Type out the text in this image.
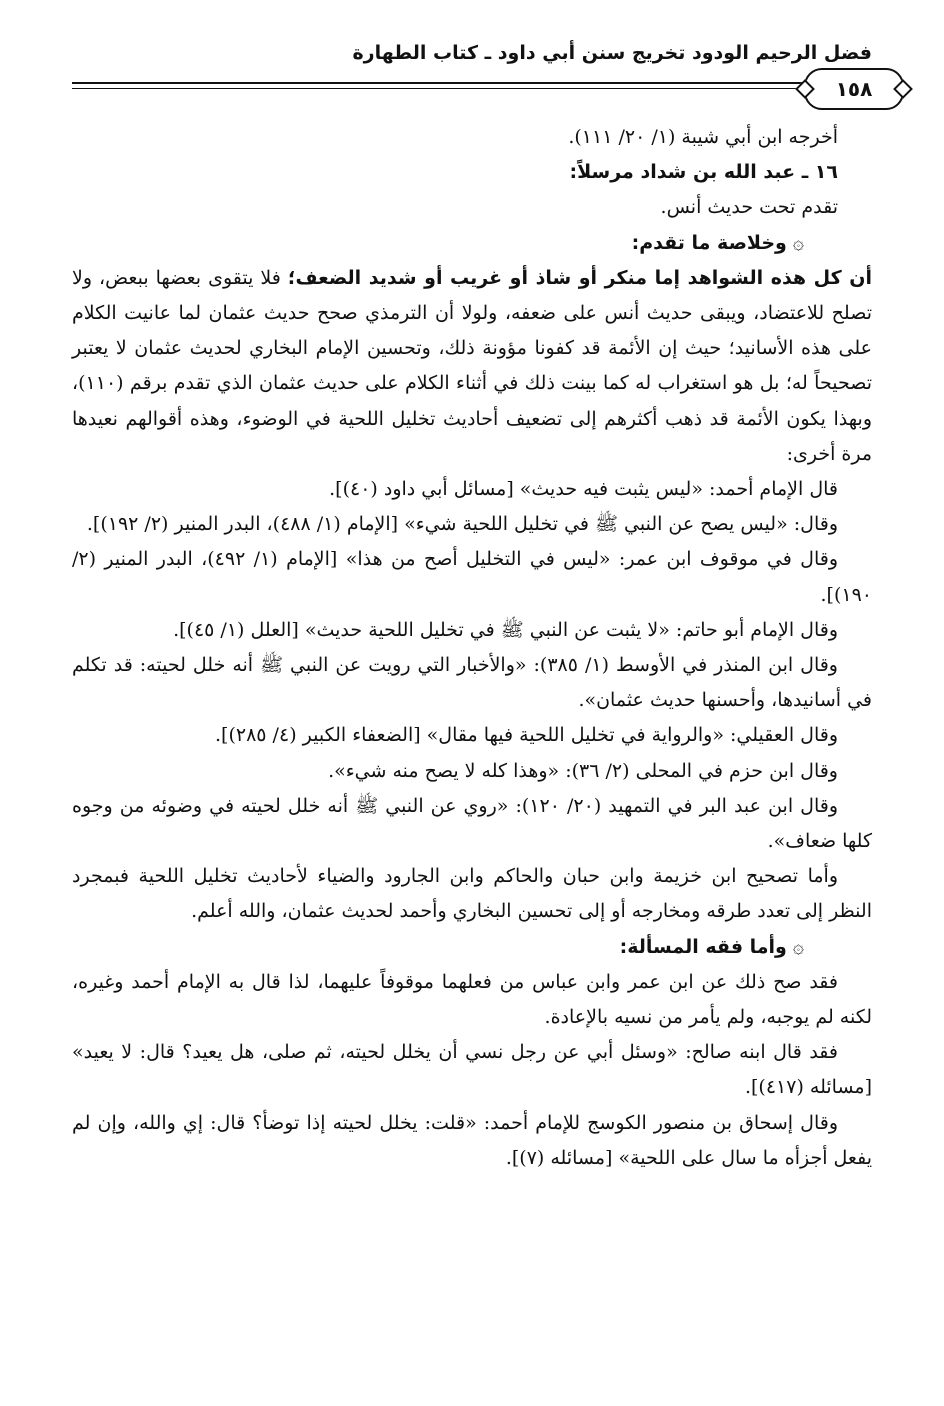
فضل الرحيم الودود تخريج سنن أبي داود ـ كتاب الطهارة
١٥٨

أخرجه ابن أبي شيبة (١/ ٢٠/ ١١١).

١٦ ـ عبد الله بن شداد مرسلاً:

تقدم تحت حديث أنس.

۞وخلاصة ما تقدم:

أن كل هذه الشواهد إما منكر أو شاذ أو غريب أو شديد الضعف؛ فلا يتقوى بعضها ببعض، ولا تصلح للاعتضاد، ويبقى حديث أنس على ضعفه، ولولا أن الترمذي صحح حديث عثمان لما عانيت الكلام على هذه الأسانيد؛ حيث إن الأئمة قد كفونا مؤونة ذلك، وتحسين الإمام البخاري لحديث عثمان لا يعتبر تصحيحاً له؛ بل هو استغراب له كما بينت ذلك في أثناء الكلام على حديث عثمان الذي تقدم برقم (١١٠)، وبهذا يكون الأئمة قد ذهب أكثرهم إلى تضعيف أحاديث تخليل اللحية في الوضوء، وهذه أقوالهم نعيدها مرة أخرى:

قال الإمام أحمد: «ليس يثبت فيه حديث» [مسائل أبي داود (٤٠)].

وقال: «ليس يصح عن النبي ﷺ في تخليل اللحية شيء» [الإمام (١/ ٤٨٨)، البدر المنير (٢/ ١٩٢)].

وقال في موقوف ابن عمر: «ليس في التخليل أصح من هذا» [الإمام (١/ ٤٩٢)، البدر المنير (٢/ ١٩٠)].

وقال الإمام أبو حاتم: «لا يثبت عن النبي ﷺ في تخليل اللحية حديث» [العلل (١/ ٤٥)].

وقال ابن المنذر في الأوسط (١/ ٣٨٥): «والأخبار التي رويت عن النبي ﷺ أنه خلل لحيته: قد تكلم في أسانيدها، وأحسنها حديث عثمان».

وقال العقيلي: «والرواية في تخليل اللحية فيها مقال» [الضعفاء الكبير (٤/ ٢٨٥)].

وقال ابن حزم في المحلى (٢/ ٣٦): «وهذا كله لا يصح منه شيء».

وقال ابن عبد البر في التمهيد (٢٠/ ١٢٠): «روي عن النبي ﷺ أنه خلل لحيته في وضوئه من وجوه كلها ضعاف».

وأما تصحيح ابن خزيمة وابن حبان والحاكم وابن الجارود والضياء لأحاديث تخليل اللحية فبمجرد النظر إلى تعدد طرقه ومخارجه أو إلى تحسين البخاري وأحمد لحديث عثمان، والله أعلم.

۞وأما فقه المسألة:

فقد صح ذلك عن ابن عمر وابن عباس من فعلهما موقوفاً عليهما، لذا قال به الإمام أحمد وغيره، لكنه لم يوجبه، ولم يأمر من نسيه بالإعادة.

فقد قال ابنه صالح: «وسئل أبي عن رجل نسي أن يخلل لحيته، ثم صلى، هل يعيد؟ قال: لا يعيد» [مسائله (٤١٧)].

وقال إسحاق بن منصور الكوسج للإمام أحمد: «قلت: يخلل لحيته إذا توضأ؟ قال: إي والله، وإن لم يفعل أجزأه ما سال على اللحية» [مسائله (٧)].
